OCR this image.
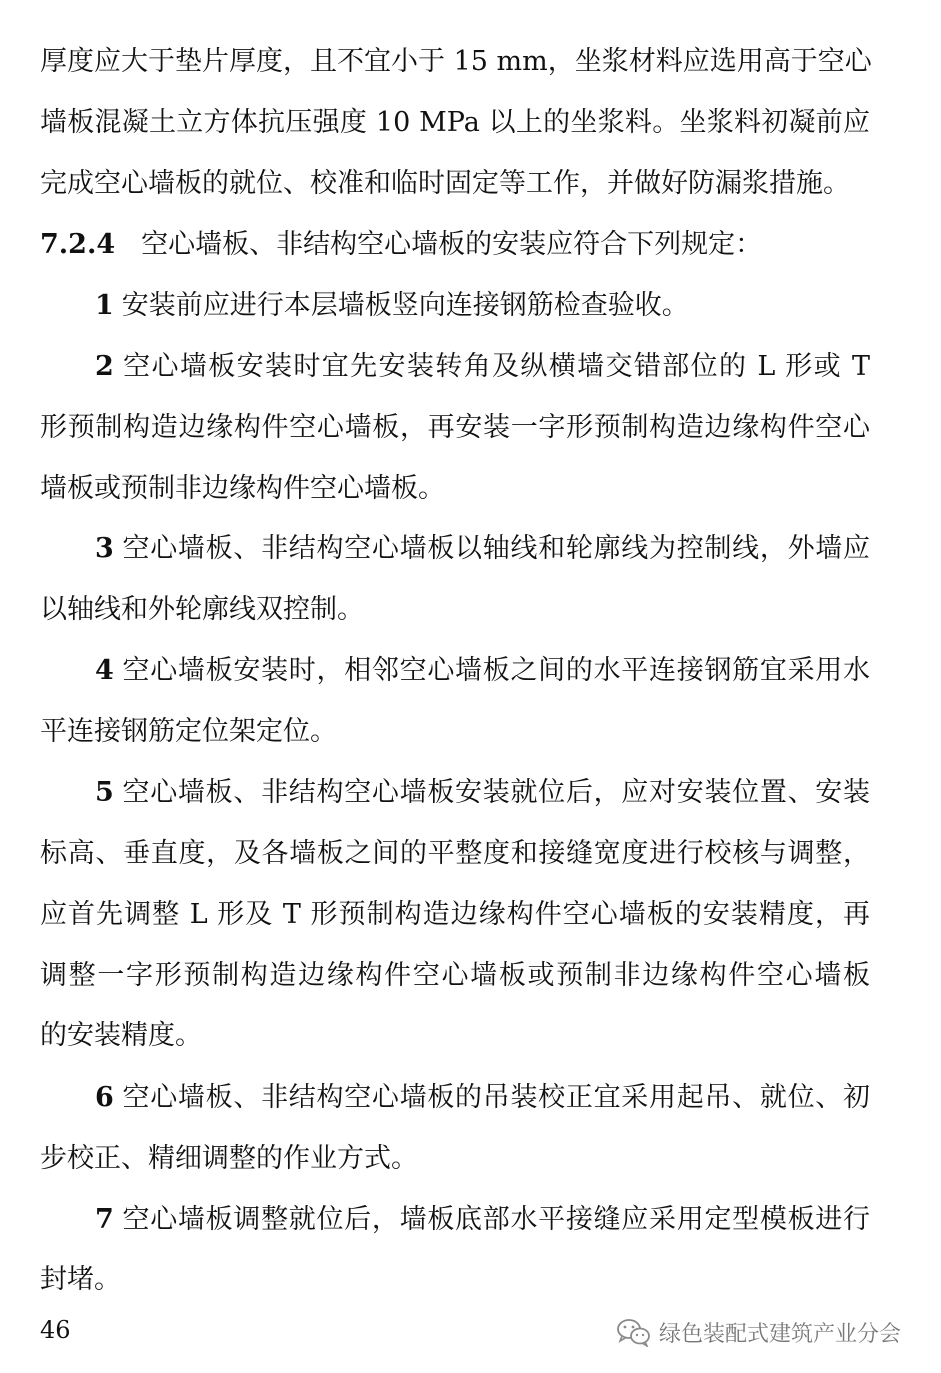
厚度应大于垫片厚度，且不宜小于 15 mm，坐浆材料应选用高于空心
墙板混凝土立方体抗压强度 10 MPa 以上的坐浆料。坐浆料初凝前应
完成空心墙板的就位、校准和临时固定等工作，并做好防漏浆措施。
7.2.4 空心墙板、非结构空心墙板的安装应符合下列规定：
1 安装前应进行本层墙板竖向连接钢筋检查验收。
2 空心墙板安装时宜先安装转角及纵横墙交错部位的 L 形或 T
形预制构造边缘构件空心墙板，再安装一字形预制构造边缘构件空心
墙板或预制非边缘构件空心墙板。
3 空心墙板、非结构空心墙板以轴线和轮廓线为控制线，外墙应
以轴线和外轮廓线双控制。
4 空心墙板安装时，相邻空心墙板之间的水平连接钢筋宜采用水
平连接钢筋定位架定位。
5 空心墙板、非结构空心墙板安装就位后，应对安装位置、安装
标高、垂直度，及各墙板之间的平整度和接缝宽度进行校核与调整，
应首先调整 L 形及 T 形预制构造边缘构件空心墙板的安装精度，再
调整一字形预制构造边缘构件空心墙板或预制非边缘构件空心墙板
的安装精度。
6 空心墙板、非结构空心墙板的吊装校正宜采用起吊、就位、初
步校正、精细调整的作业方式。
7 空心墙板调整就位后，墙板底部水平接缝应采用定型模板进行
封堵。
46	绿色装配式建筑产业分会
